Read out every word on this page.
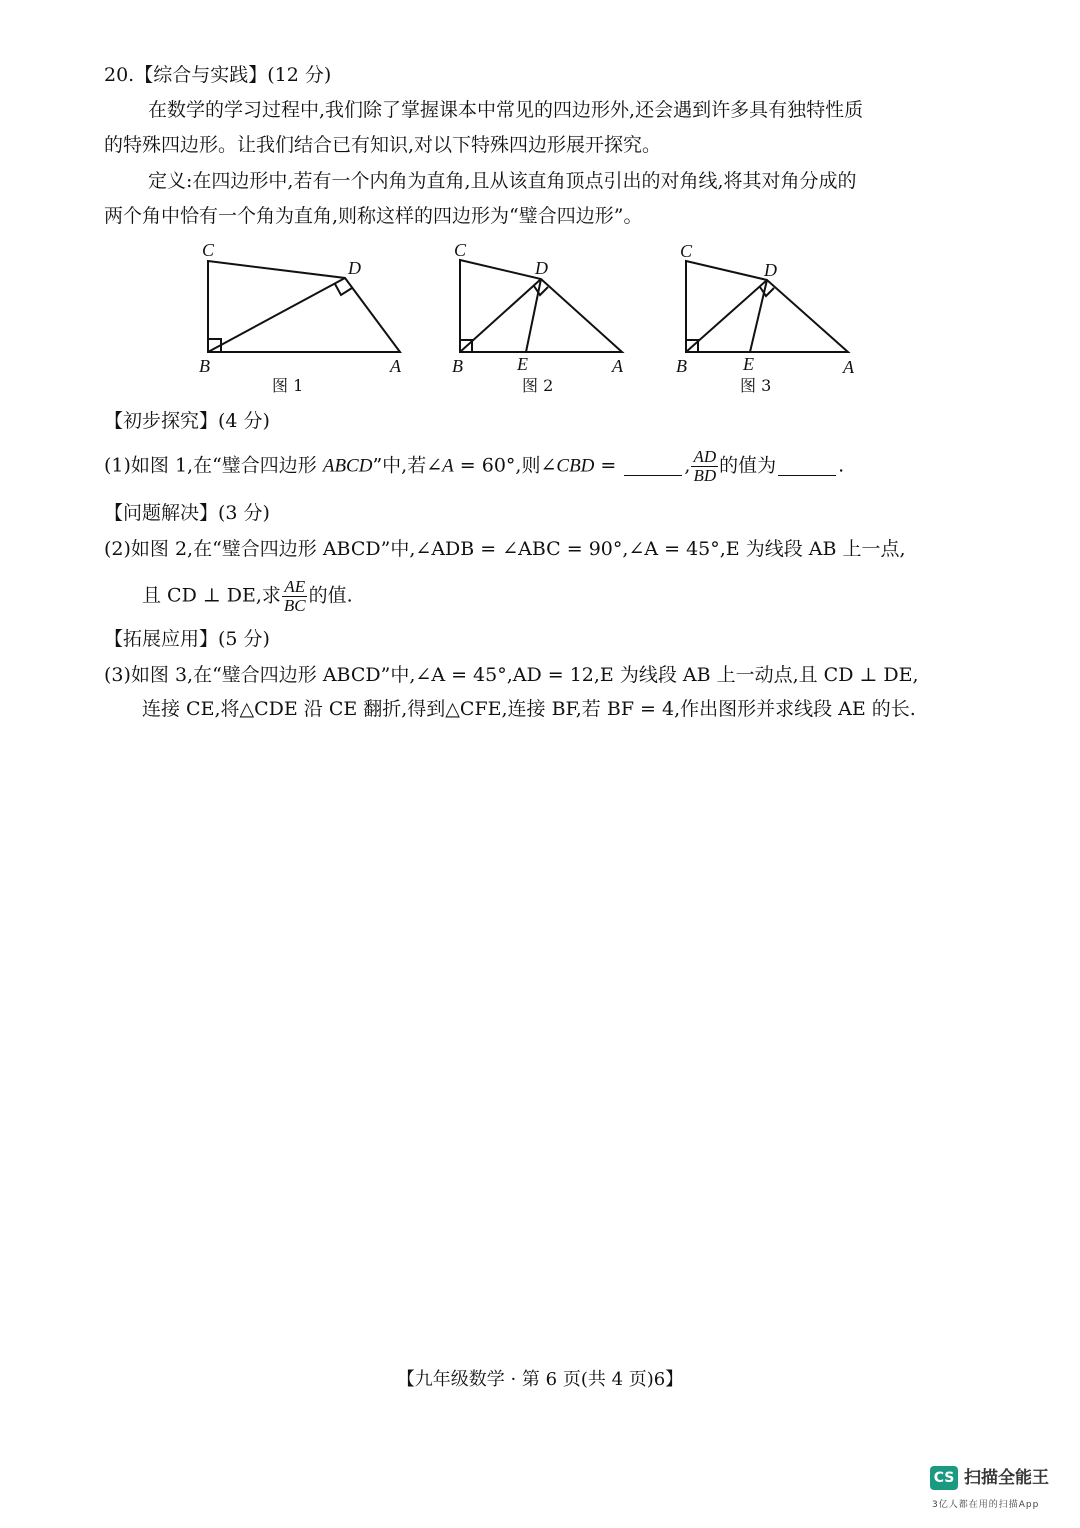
20.【综合与实践】(12 分)
在数学的学习过程中,我们除了掌握课本中常见的四边形外,还会遇到许多具有独特性质
的特殊四边形。让我们结合已有知识,对以下特殊四边形展开探究。
定义:在四边形中,若有一个内角为直角,且从该直角顶点引出的对角线,将其对角分成的
两个角中恰有一个角为直角,则称这样的四边形为“璧合四边形”。
C
D
B	A
图 1
C
D
B	E	A
图 2
C
D
B	E	A
图 3
【初步探究】(4 分)
(1)如图 1,在“璧合四边形 ABCD”中,若∠A = 60°,则∠CBD =	, $\frac{AD}{BD}$ 的值为	.
【问题解决】(3 分)
(2)如图 2,在“璧合四边形 ABCD”中,∠ADB = ∠ABC = 90°,∠A = 45°,E 为线段 AB 上一点,
且 CD ⊥ DE,求 $\frac{AE}{BC}$ 的值.
【拓展应用】(5 分)
(3)如图 3,在“璧合四边形 ABCD”中,∠A = 45°,AD = 12,E 为线段 AB 上一动点,且 CD ⊥ DE,
连接 CE,将△CDE 沿 CE 翻折,得到△CFE,连接 BF,若 BF = 4,作出图形并求线段 AE 的长.
【九年级数学 · 第 6 页(共 4 页)6】
CS 扫描全能王
3亿人都在用的扫描App
